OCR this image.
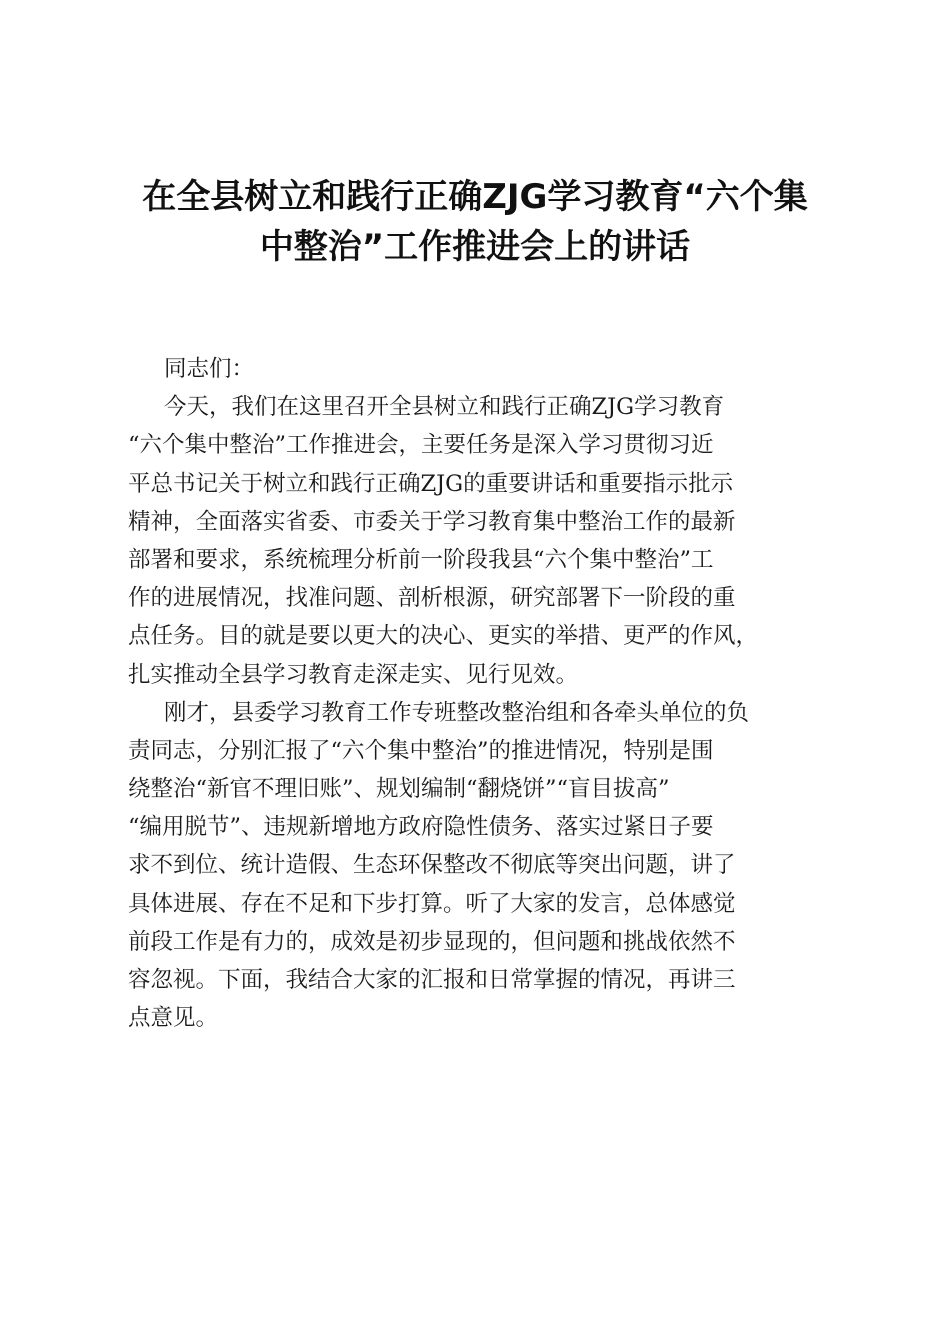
在全县树立和践行正确ZJG学习教育“六个集
中整治”工作推进会上的讲话
同志们：
今天，我们在这里召开全县树立和践行正确ZJG学习教育
“六个集中整治”工作推进会，主要任务是深入学习贯彻习近
平总书记关于树立和践行正确ZJG的重要讲话和重要指示批示
精神，全面落实省委、市委关于学习教育集中整治工作的最新
部署和要求，系统梳理分析前一阶段我县“六个集中整治”工
作的进展情况，找准问题、剖析根源，研究部署下一阶段的重
点任务。目的就是要以更大的决心、更实的举措、更严的作风，
扎实推动全县学习教育走深走实、见行见效。
刚才，县委学习教育工作专班整改整治组和各牵头单位的负
责同志，分别汇报了“六个集中整治”的推进情况，特别是围
绕整治“新官不理旧账”、规划编制“翻烧饼”“盲目拔高”
“编用脱节”、违规新增地方政府隐性债务、落实过紧日子要
求不到位、统计造假、生态环保整改不彻底等突出问题，讲了
具体进展、存在不足和下步打算。听了大家的发言，总体感觉
前段工作是有力的，成效是初步显现的，但问题和挑战依然不
容忽视。下面，我结合大家的汇报和日常掌握的情况，再讲三
点意见。
